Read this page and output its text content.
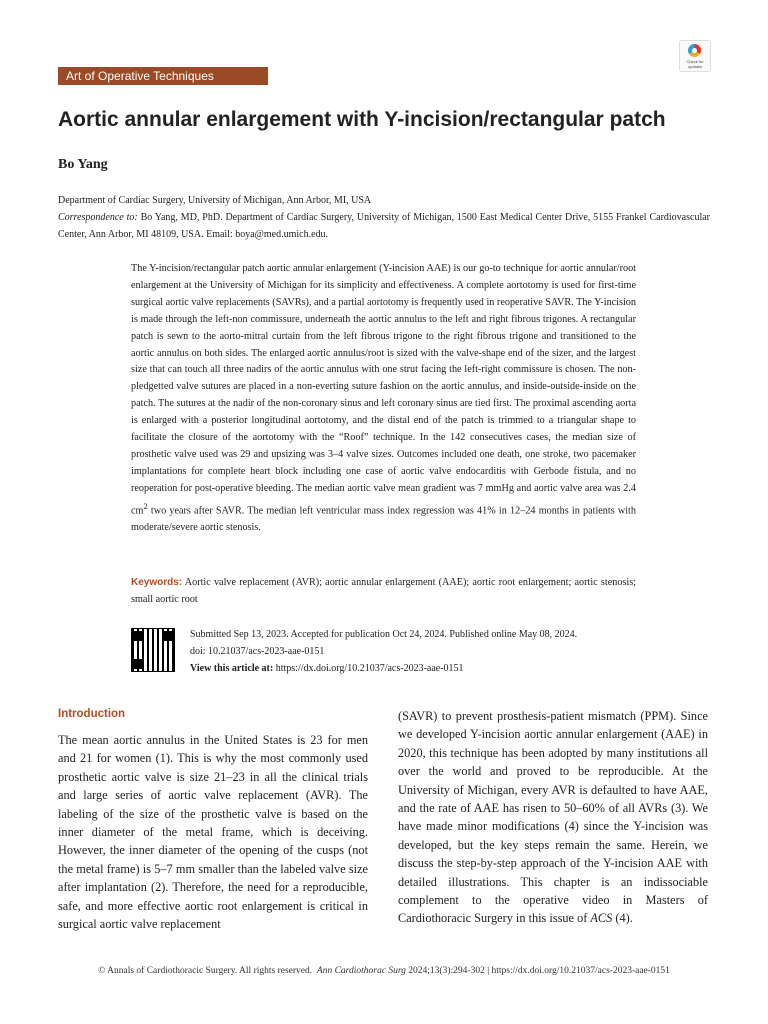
Art of Operative Techniques
Check for updates
Aortic annular enlargement with Y-incision/rectangular patch
Bo Yang
Department of Cardiac Surgery, University of Michigan, Ann Arbor, MI, USA
Correspondence to: Bo Yang, MD, PhD. Department of Cardiac Surgery, University of Michigan, 1500 East Medical Center Drive, 5155 Frankel Cardiovascular Center, Ann Arbor, MI 48109, USA. Email: boya@med.umich.edu.
The Y-incision/rectangular patch aortic annular enlargement (Y-incision AAE) is our go-to technique for aortic annular/root enlargement at the University of Michigan for its simplicity and effectiveness. A complete aortotomy is used for first-time surgical aortic valve replacements (SAVRs), and a partial aortotomy is frequently used in reoperative SAVR. The Y-incision is made through the left-non commissure, underneath the aortic annulus to the left and right fibrous trigones. A rectangular patch is sewn to the aorto-mitral curtain from the left fibrous trigone to the right fibrous trigone and transitioned to the aortic annulus on both sides. The enlarged aortic annulus/root is sized with the valve-shape end of the sizer, and the largest size that can touch all three nadirs of the aortic annulus with one strut facing the left-right commissure is chosen. The non-pledgetted valve sutures are placed in a non-everting suture fashion on the aortic annulus, and inside-outside-inside on the patch. The sutures at the nadir of the non-coronary sinus and left coronary sinus are tied first. The proximal ascending aorta is enlarged with a posterior longitudinal aortotomy, and the distal end of the patch is trimmed to a triangular shape to facilitate the closure of the aortotomy with the “Roof” technique. In the 142 consecutives cases, the median size of prosthetic valve used was 29 and upsizing was 3–4 valve sizes. Outcomes included one death, one stroke, two pacemaker implantations for complete heart block including one case of aortic valve endocarditis with Gerbode fistula, and no reoperation for post-operative bleeding. The median aortic valve mean gradient was 7 mmHg and aortic valve area was 2.4 $cm^2$ two years after SAVR. The median left ventricular mass index regression was 41% in 12–24 months in patients with moderate/severe aortic stenosis.
Keywords: Aortic valve replacement (AVR); aortic annular enlargement (AAE); aortic root enlargement; aortic stenosis; small aortic root
Submitted Sep 13, 2023. Accepted for publication Oct 24, 2024. Published online May 08, 2024.
doi: 10.21037/acs-2023-aae-0151
View this article at: https://dx.doi.org/10.21037/acs-2023-aae-0151
Introduction

The mean aortic annulus in the United States is 23 for men and 21 for women (1). This is why the most commonly used prosthetic aortic valve is size 21–23 in all the clinical trials and large series of aortic valve replacement (AVR). The labeling of the size of the prosthetic valve is based on the inner diameter of the metal frame, which is deceiving. However, the inner diameter of the opening of the cusps (not the metal frame) is 5–7 mm smaller than the labeled valve size after implantation (2). Therefore, the need for a reproducible, safe, and more effective aortic root enlargement is critical in surgical aortic valve replacement

(SAVR) to prevent prosthesis-patient mismatch (PPM). Since we developed Y-incision aortic annular enlargement (AAE) in 2020, this technique has been adopted by many institutions all over the world and proved to be reproducible. At the University of Michigan, every AVR is defaulted to have AAE, and the rate of AAE has risen to 50–60% of all AVRs (3). We have made minor modifications (4) since the Y-incision was developed, but the key steps remain the same. Herein, we discuss the step-by-step approach of the Y-incision AAE with detailed illustrations. This chapter is an indissociable complement to the operative video in Masters of Cardiothoracic Surgery in this issue of ACS (4).

© Annals of Cardiothoracic Surgery. All rights reserved. Ann Cardiothorac Surg 2024;13(3):294-302 | https://dx.doi.org/10.21037/acs-2023-aae-0151
